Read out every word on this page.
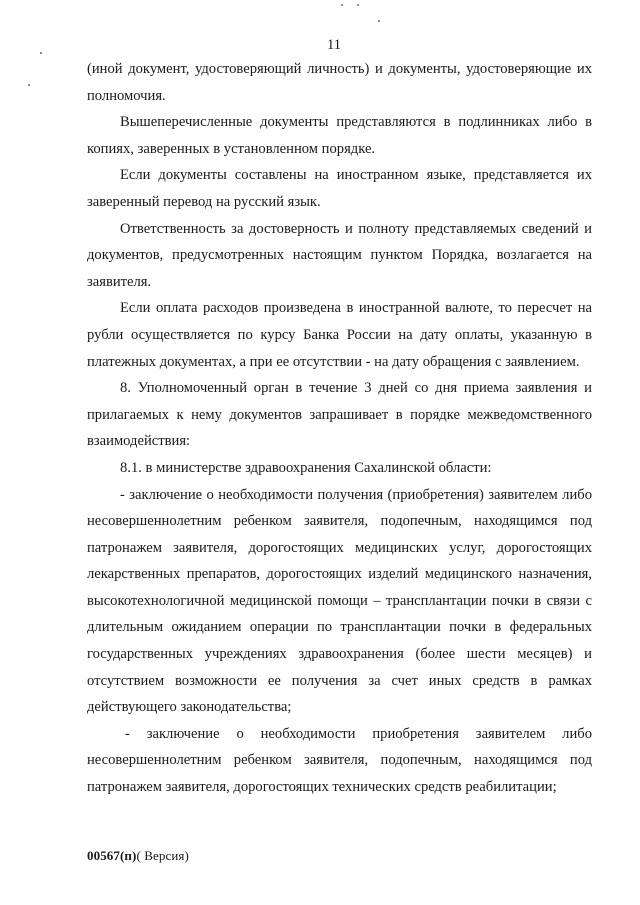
11

(иной документ, удостоверяющий личность) и документы, удостоверяющие их полномочия.

Вышеперечисленные документы представляются в подлинниках либо в копиях, заверенных в установленном порядке.

Если документы составлены на иностранном языке, представляется их заверенный перевод на русский язык.

Ответственность за достоверность и полноту представляемых сведений и документов, предусмотренных настоящим пунктом Порядка, возлагается на заявителя.

Если оплата расходов произведена в иностранной валюте, то пересчет на рубли осуществляется по курсу Банка России на дату оплаты, указанную в платежных документах, а при ее отсутствии - на дату обращения с заявлением.

8. Уполномоченный орган в течение 3 дней со дня приема заявления и прилагаемых к нему документов запрашивает в порядке межведомственного взаимодействия:

8.1. в министерстве здравоохранения Сахалинской области:

- заключение о необходимости получения (приобретения) заявителем либо несовершеннолетним ребенком заявителя, подопечным, находящимся под патронажем заявителя, дорогостоящих медицинских услуг, дорогостоящих лекарственных препаратов, дорогостоящих изделий медицинского назначения, высокотехнологичной медицинской помощи – трансплантации почки в связи с длительным ожиданием операции по трансплантации почки в федеральных государственных учреждениях здравоохранения (более шести месяцев) и отсутствием возможности ее получения за счет иных средств в рамках действующего законодательства;

- заключение о необходимости приобретения заявителем либо несовершеннолетним ребенком заявителя, подопечным, находящимся под патронажем заявителя, дорогостоящих технических средств реабилитации;

00567(п)( Версия)
